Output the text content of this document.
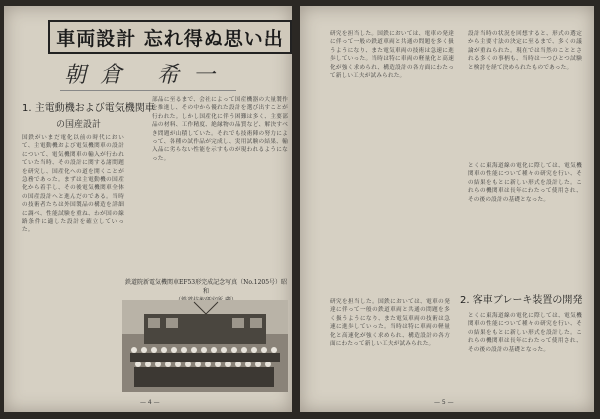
車両設計 忘れ得ぬ思い出
朝倉 希一
1. 主電動機および電気機関車
の国産設計
国鉄がいまだ電化以前の時代において、主電動機および電気機関車の設計について、電気機関車の輸入が行われていた当時、その設計に関する諸問題を研究し、国産化への道を開くことが急務であった。まずは主電動機の国産化から着手し、その後電気機関車全体の国産設計へと進んだのである。当時の技術者たちは外国製品の構造を詳細に調べ、性能試験を重ね、わが国の線路条件に適した設計を確立していった。
部品に至るまで、会社によって国産機器の大量製作を推進し、その中から優れた設計を選び出すことが行われた。しかし国産化に伴う困難は多く、主要部品の材料、工作精度、絶縁物の品質など、解決すべき問題が山積していた。それでも技術陣の努力によって、各種の試作品が完成し、実用試験の結果、輸入品に劣らない性能を示すものが現われるようになった。
鉄道院新電気機関車EF53形完成記念写真（No.1205号）昭和
— 4 —
研究を担当した。国鉄においては、電車の発達に伴って一般の鉄道車両と共通の問題を多く扱うようになり、また電気車両の技術は急速に進歩していった。当時は特に車両の軽量化と高速化が強く求められ、構造設計の各方面にわたって新しい工夫が試みられた。
設計当時の状況を回想すると、形式の選定から主要寸法の決定に至るまで、多くの議論が重ねられた。現在では当然のこととされる多くの事柄も、当時は一つひとつ試験と検討を経て決められたものであった。
とくに東海道線の電化に際しては、電気機関車の性能について種々の研究を行い、その結果をもとに新しい形式を設計した。これらの機関車は長年にわたって使用され、その後の設計の基礎となった。
2. 客車ブレーキ装置の開発
研究を担当した。国鉄においては、電車の発達に伴って一般の鉄道車両と共通の問題を多く扱うようになり、また電気車両の技術は急速に進歩していった。当時は特に車両の軽量化と高速化が強く求められ、構造設計の各方面にわたって新しい工夫が試みられた。
とくに東海道線の電化に際しては、電気機関車の性能について種々の研究を行い、その結果をもとに新しい形式を設計した。これらの機関車は長年にわたって使用され、その後の設計の基礎となった。
— 5 —
